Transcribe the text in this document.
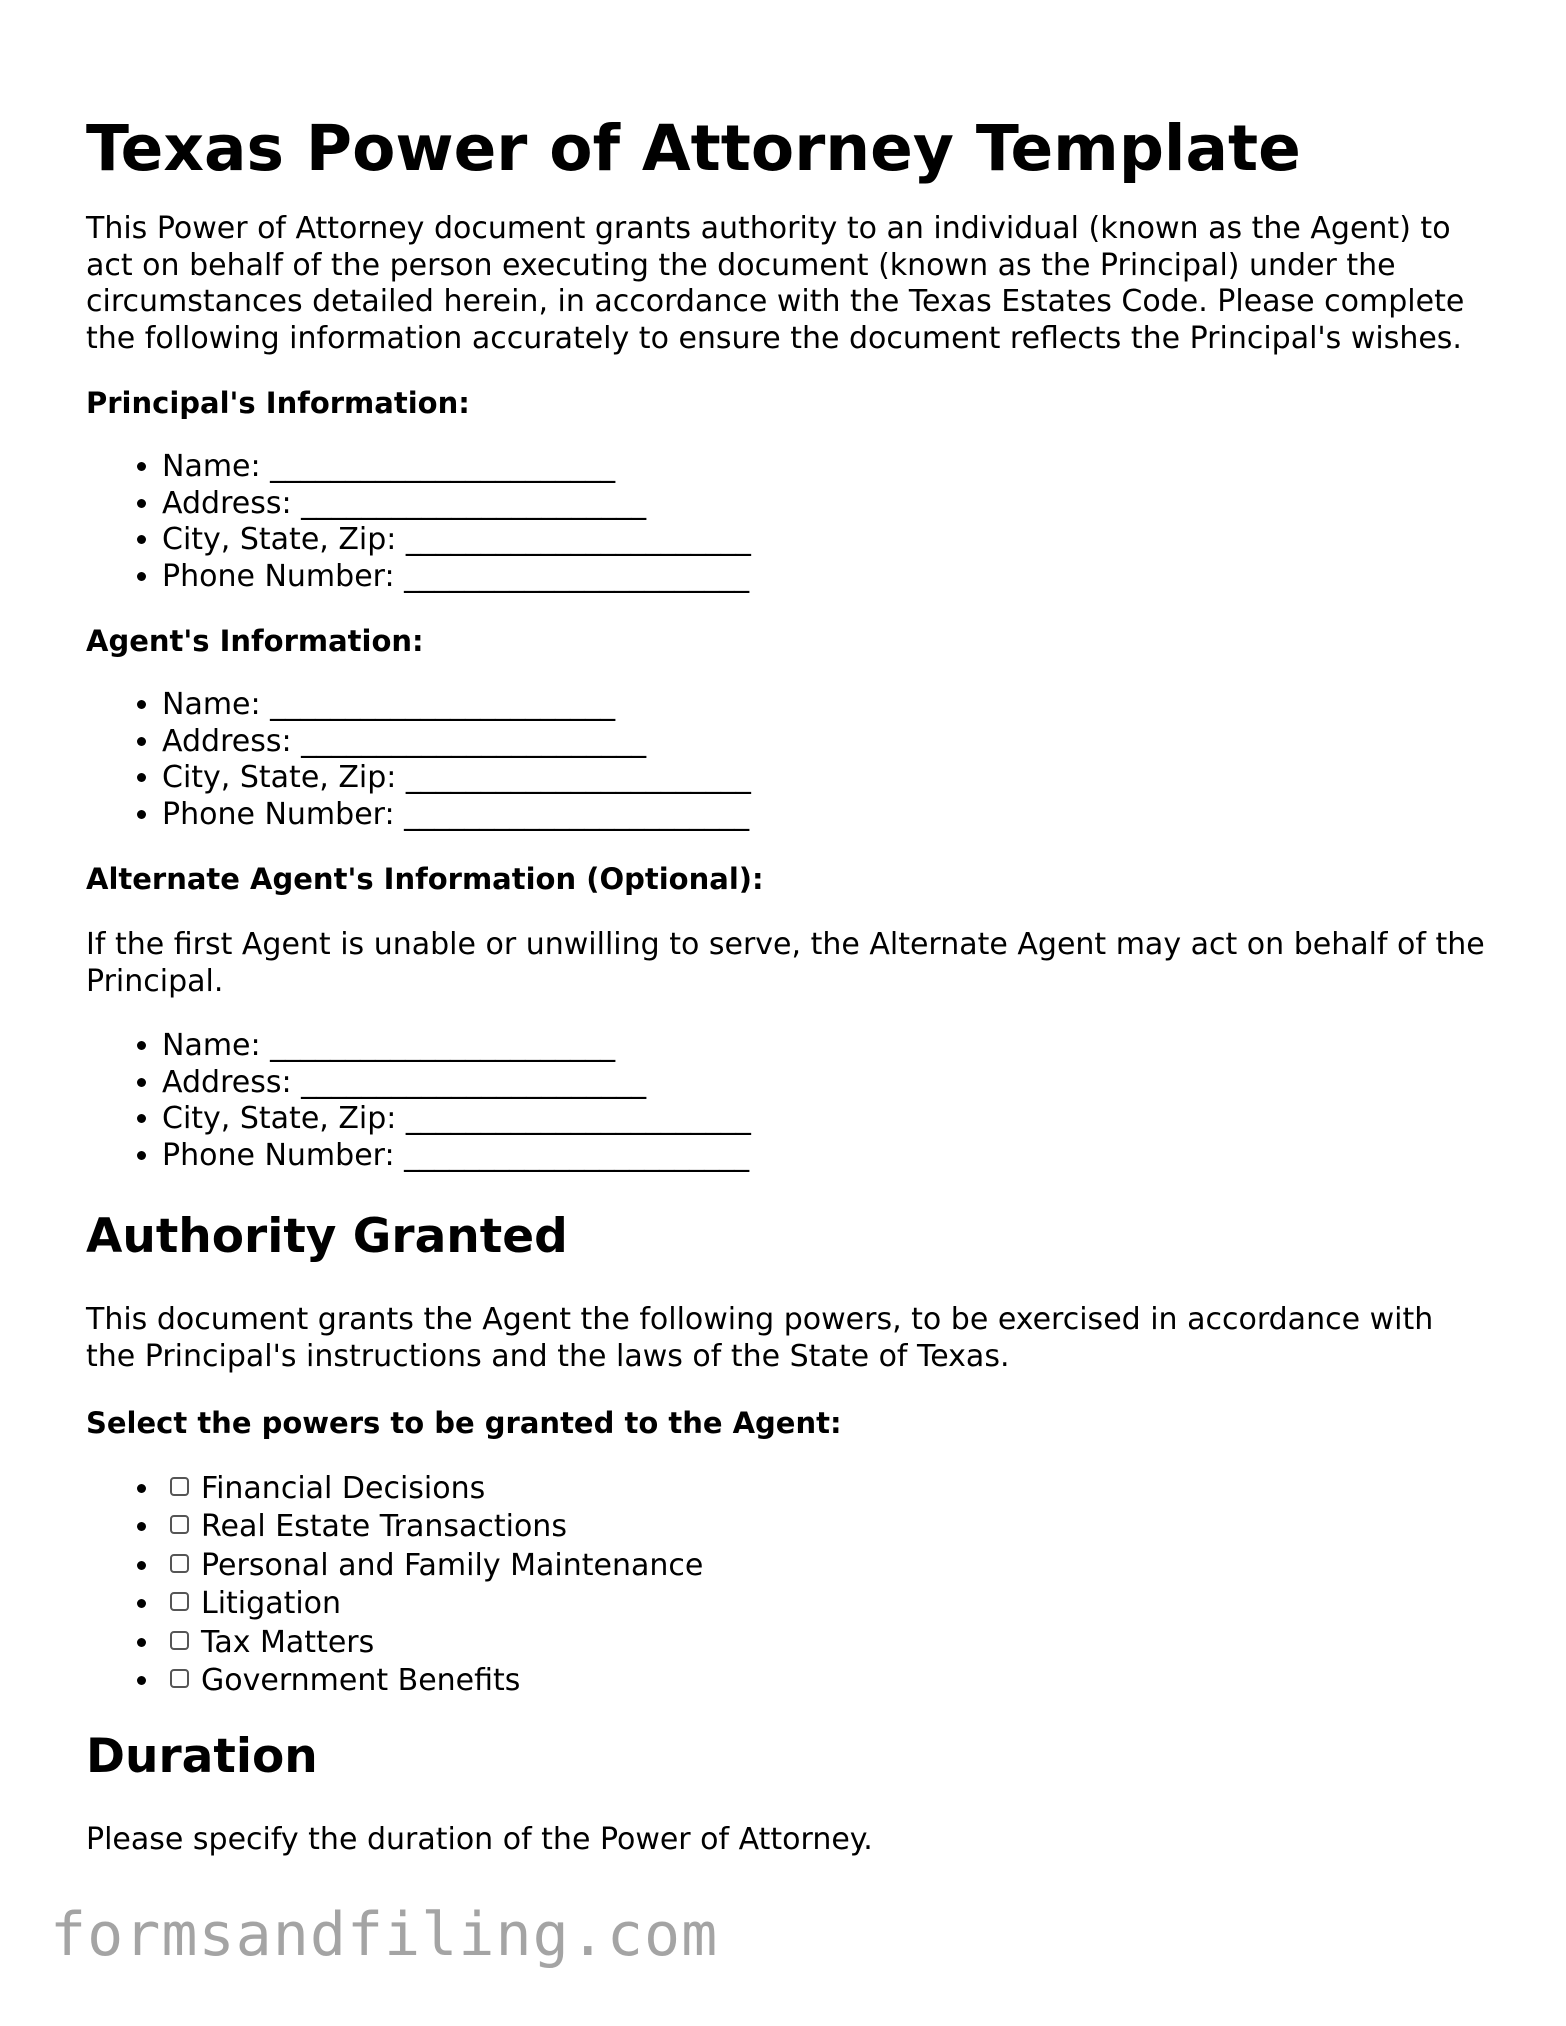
Texas Power of Attorney Template

This Power of Attorney document grants authority to an individual (known as the Agent) to act on behalf of the person executing the document (known as the Principal) under the circumstances detailed herein, in accordance with the Texas Estates Code. Please complete the following information accurately to ensure the document reflects the Principal's wishes.

Principal's Information:
• Name: _______________________
• Address: _______________________
• City, State, Zip: _______________________
• Phone Number: _______________________
Agent's Information:
• Name: _______________________
• Address: _______________________
• City, State, Zip: _______________________
• Phone Number: _______________________
Alternate Agent's Information (Optional):

If the first Agent is unable or unwilling to serve, the Alternate Agent may act on behalf of the Principal.

• Name: _______________________
• Address: _______________________
• City, State, Zip: _______________________
• Phone Number: _______________________
Authority Granted

This document grants the Agent the following powers, to be exercised in accordance with the Principal's instructions and the laws of the State of Texas.

Select the powers to be granted to the Agent:
• Financial Decisions
• Real Estate Transactions
• Personal and Family Maintenance
• Litigation
• Tax Matters
• Government Benefits
Duration

Please specify the duration of the Power of Attorney.

formsandfiling.com
